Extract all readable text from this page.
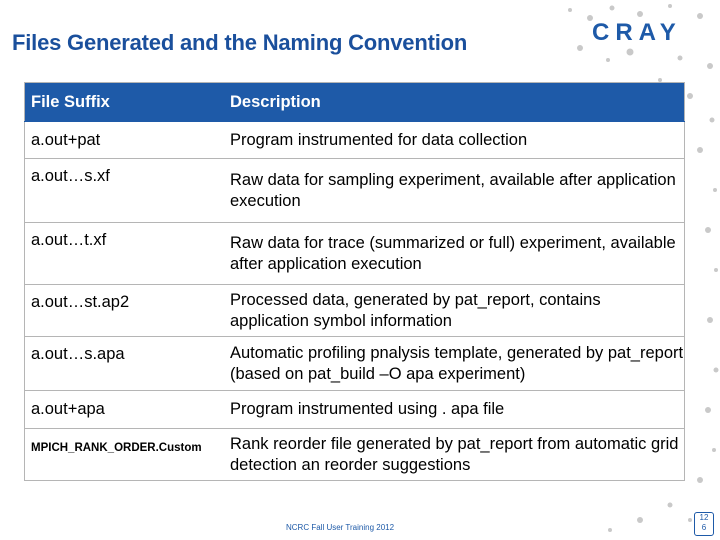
Files Generated and the Naming Convention	CRAY
File Suffix	Description
a.out+pat	Program instrumented for data collection
a.out…s.xf	Raw data for sampling experiment, available after application execution
a.out…t.xf	Raw data for trace (summarized or full) experiment, available after application execution
a.out…st.ap2	Processed data, generated by pat_report, contains application symbol information
a.out…s.apa	Automatic profiling pnalysis template, generated by pat_report (based on pat_build –O apa experiment)
a.out+apa	Program instrumented using . apa file
MPICH_RANK_ORDER.Custom	Rank reorder file generated by pat_report from automatic grid detection an reorder suggestions
NCRC Fall User Training 2012
12
6
